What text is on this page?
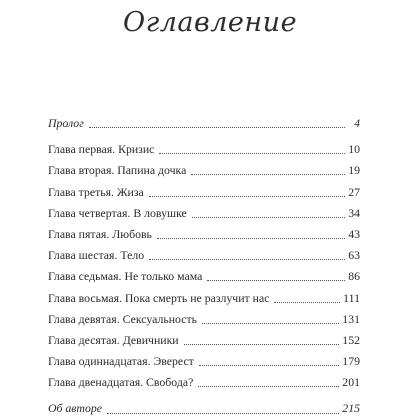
Оглавление
Пролог	4
Глава первая. Кризис	10
Глава вторая. Папина дочка	19
Глава третья. Жиза	27
Глава четвертая. В ловушке	34
Глава пятая. Любовь	43
Глава шестая. Тело	63
Глава седьмая. Не только мама	86
Глава восьмая. Пока смерть не разлучит нас	111
Глава девятая. Сексуальность	131
Глава десятая. Девичники	152
Глава одиннадцатая. Эверест	179
Глава двенадцатая. Свобода?	201
Об авторе	215
